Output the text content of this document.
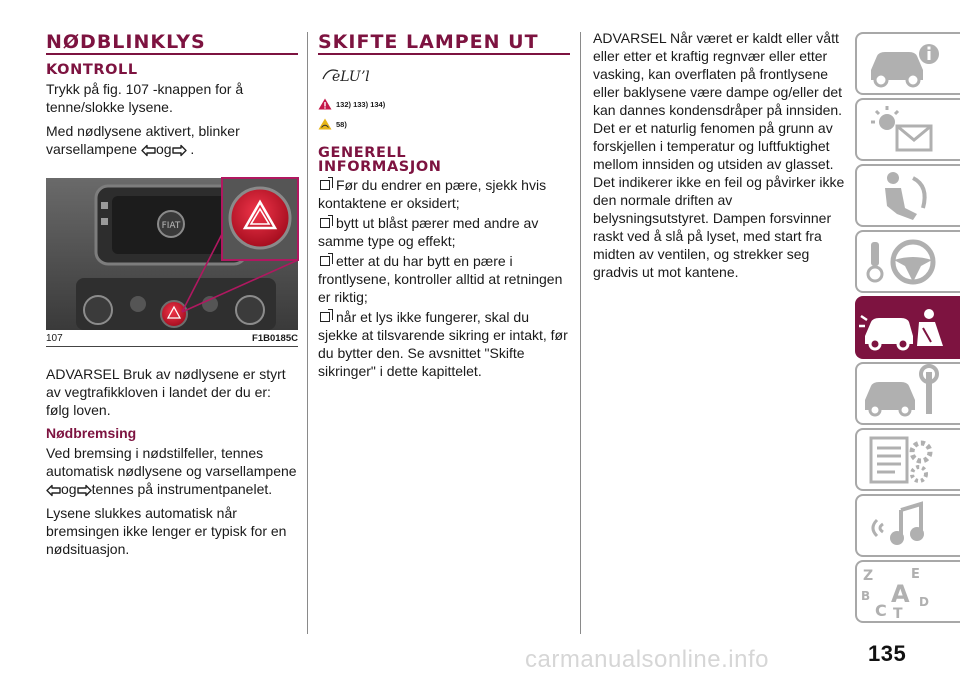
NØDBLINKLYS
KONTROLL

Trykk på fig. 107 -knappen for å tenne/slokke lysene.

Med nødlysene aktivert, blinker varsellampene og .

FIAT
107	F1B0185C

ADVARSEL Bruk av nødlysene er styrt av vegtrafikkloven i landet der du er: følg loven.

Nødbremsing

Ved bremsing i nødstilfeller, tennes automatisk nødlysene og varsellampene og tennes på instrumentpanelet.

Lysene slukkes automatisk når bremsingen ikke lenger er typisk for en nødsituasjon.

SKIFTE LAMPEN UT
eLUʼl
132) 133) 134)
58)
GENERELL INFORMASJON
Før du endrer en pære, sjekk hvis kontaktene er oksidert;
bytt ut blåst pærer med andre av samme type og effekt;
etter at du har bytt en pære i frontlysene, kontroller alltid at retningen er riktig;
når et lys ikke fungerer, skal du sjekke at tilsvarende sikring er intakt, før du bytter den. Se avsnittet "Skifte sikringer" i dette kapittelet.

ADVARSEL Når været er kaldt eller vått eller etter et kraftig regnvær eller etter vasking, kan overflaten på frontlysene eller baklysene være dampe og/eller det kan dannes kondensdråper på innsiden. Det er et naturlig fenomen på grunn av forskjellen i temperatur og luftfuktighet mellom innsiden og utsiden av glasset. Det indikerer ikke en feil og påvirker ikke den normale driften av belysningsutstyret. Dampen forsvinner raskt ved å slå på lyset, med start fra midten av ventilen, og strekker seg gradvis ut mot kantene.

Z	E
B A
C T
D
carmanualsonline.info	135
